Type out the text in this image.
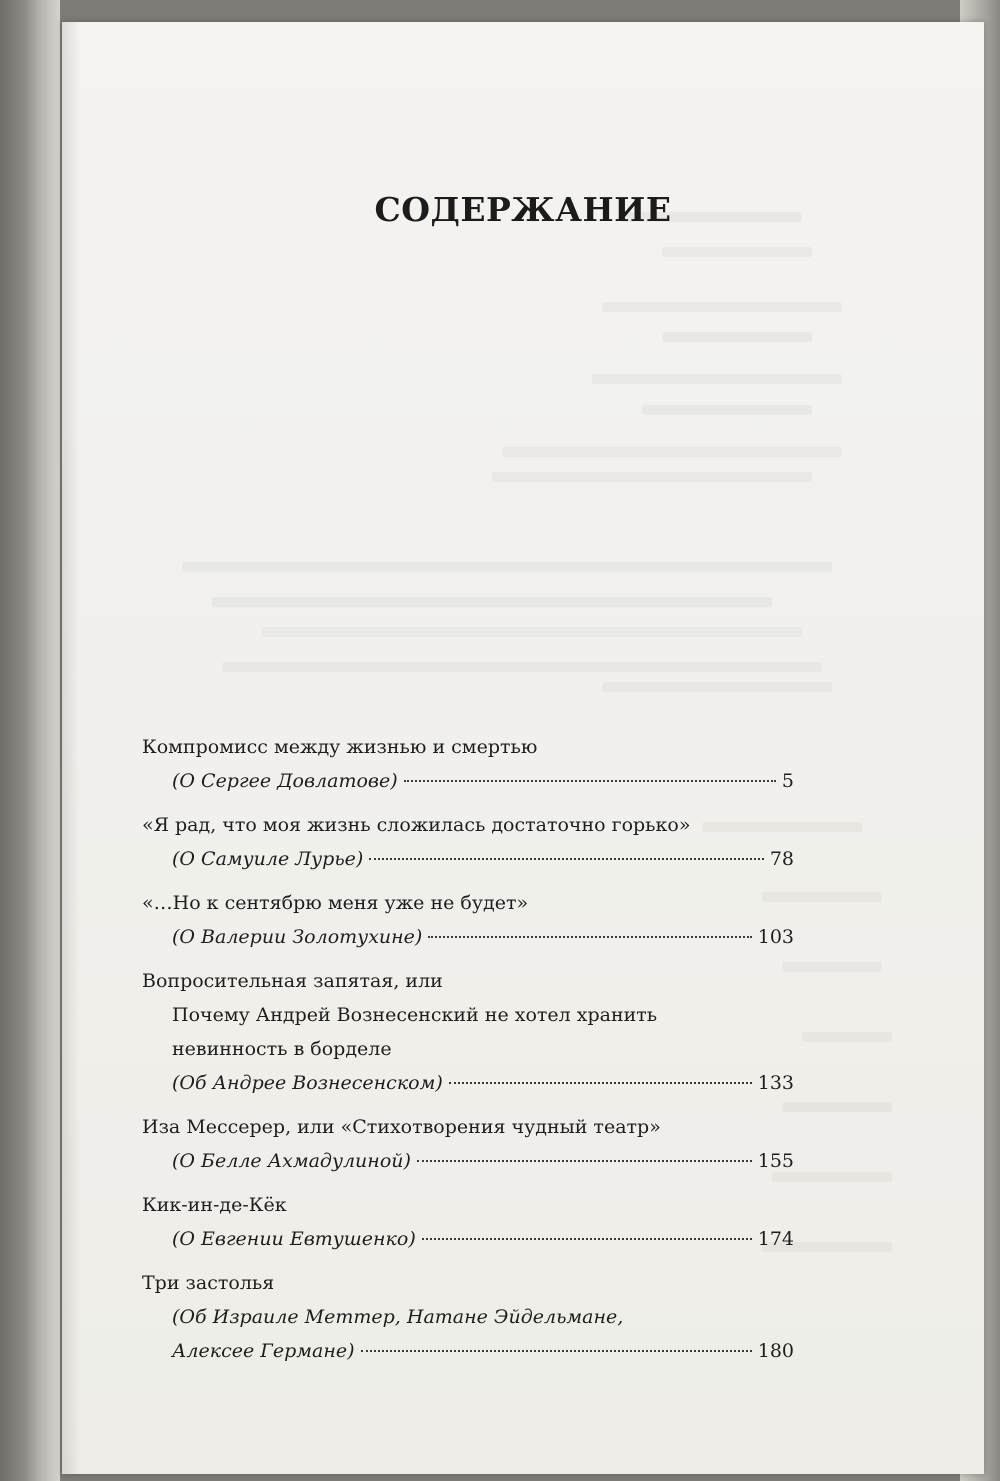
СОДЕРЖАНИЕ
Компромисс между жизнью и смертью
(О Сергее Довлатове)	5
«Я рад, что моя жизнь сложилась достаточно горько»
(О Самуиле Лурье)	78
«…Но к сентябрю меня уже не будет»
(О Валерии Золотухине)	103
Вопросительная запятая, или
Почему Андрей Вознесенский не хотел хранить
невинность в борделе
(Об Андрее Вознесенском)	133
Иза Мессерер, или «Стихотворения чудный театр»
(О Белле Ахмадулиной)	155
Кик-ин-де-Кёк
(О Евгении Евтушенко)	174
Три застолья
(Об Израиле Меттер, Натане Эйдельмане,
Алексее Германе)	180
